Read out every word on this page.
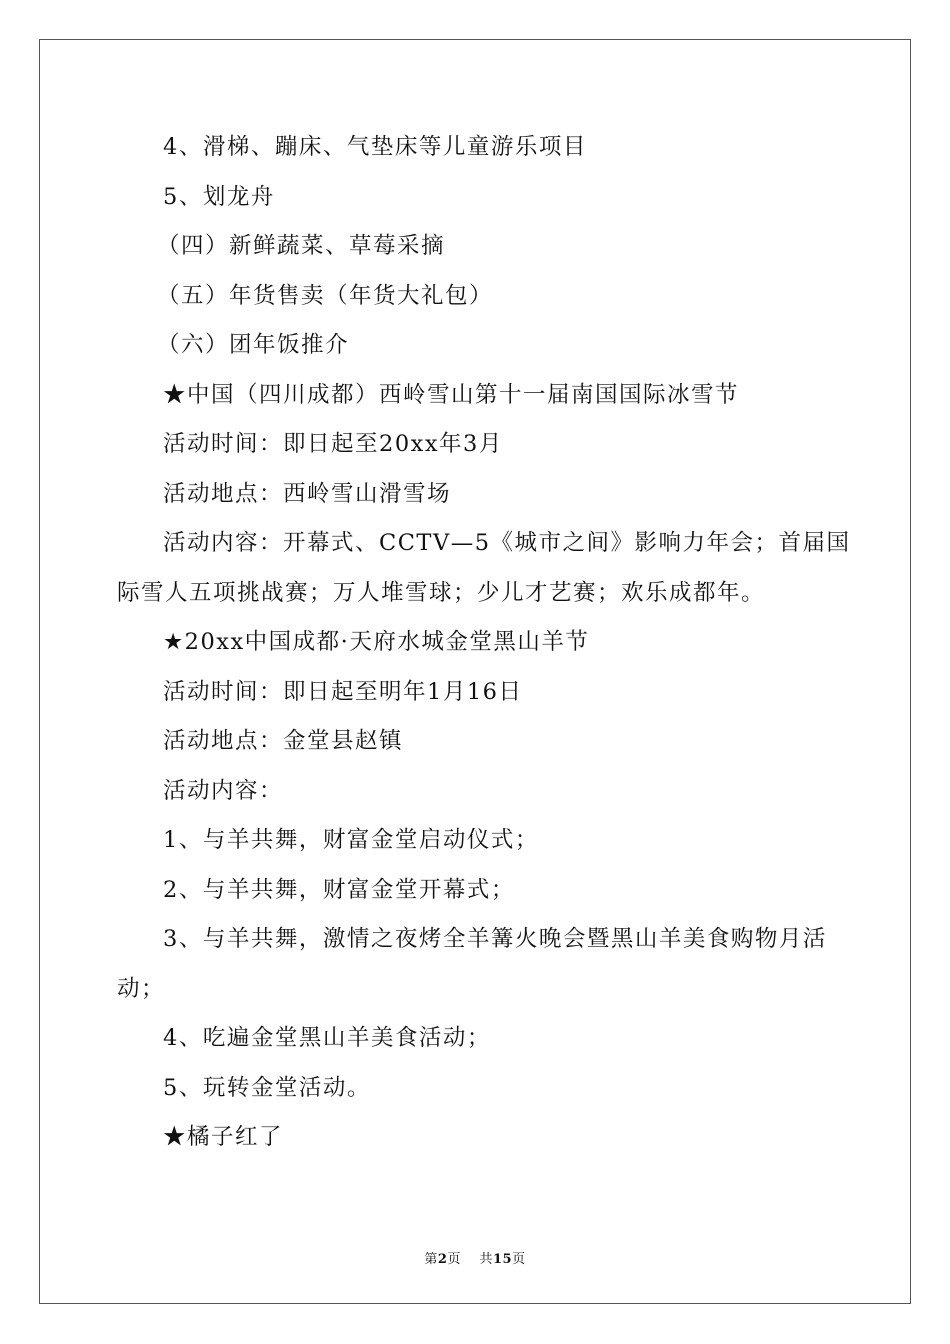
4、滑梯、蹦床、气垫床等儿童游乐项目
5、划龙舟
（四）新鲜蔬菜、草莓采摘
（五）年货售卖（年货大礼包）
（六）团年饭推介
★中国（四川成都）西岭雪山第十一届南国国际冰雪节
活动时间：即日起至20xx年3月
活动地点：西岭雪山滑雪场
活动内容：开幕式、CCTV—5《城市之间》影响力年会；首届国
际雪人五项挑战赛；万人堆雪球；少儿才艺赛；欢乐成都年。
★20xx中国成都·天府水城金堂黑山羊节
活动时间：即日起至明年1月16日
活动地点：金堂县赵镇
活动内容：
1、与羊共舞，财富金堂启动仪式；
2、与羊共舞，财富金堂开幕式；
3、与羊共舞，激情之夜烤全羊篝火晚会暨黑山羊美食购物月活
动；
4、吃遍金堂黑山羊美食活动；
5、玩转金堂活动。
★橘子红了
第2页 共15页
